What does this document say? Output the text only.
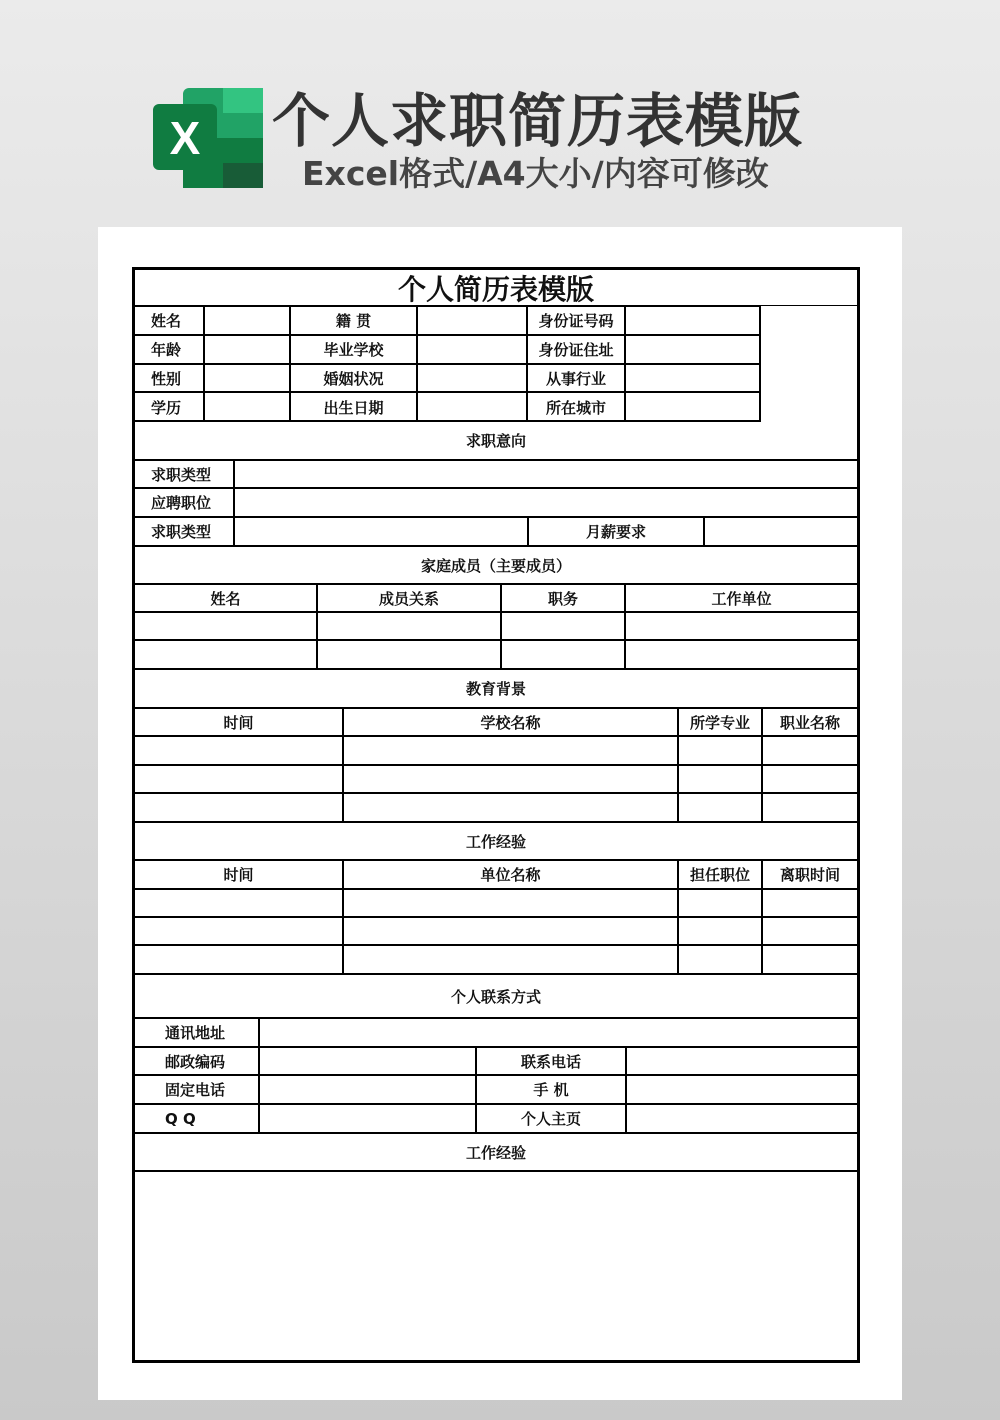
X 个人求职简历表模版
Excel格式/A4大小/内容可修改
个人简历表模版
姓名	籍 贯	身份证号码
年龄	毕业学校	身份证住址
性别	婚姻状况	从事行业
学历	出生日期	所在城市
求职意向
求职类型
应聘职位
求职类型	月薪要求
家庭成员（主要成员）
姓名	成员关系	职务	工作单位
教育背景
时间	学校名称	所学专业	职业名称
工作经验
时间	单位名称	担任职位	离职时间
个人联系方式
通讯地址
邮政编码	联系电话
固定电话	手 机
Q Q	个人主页
工作经验
